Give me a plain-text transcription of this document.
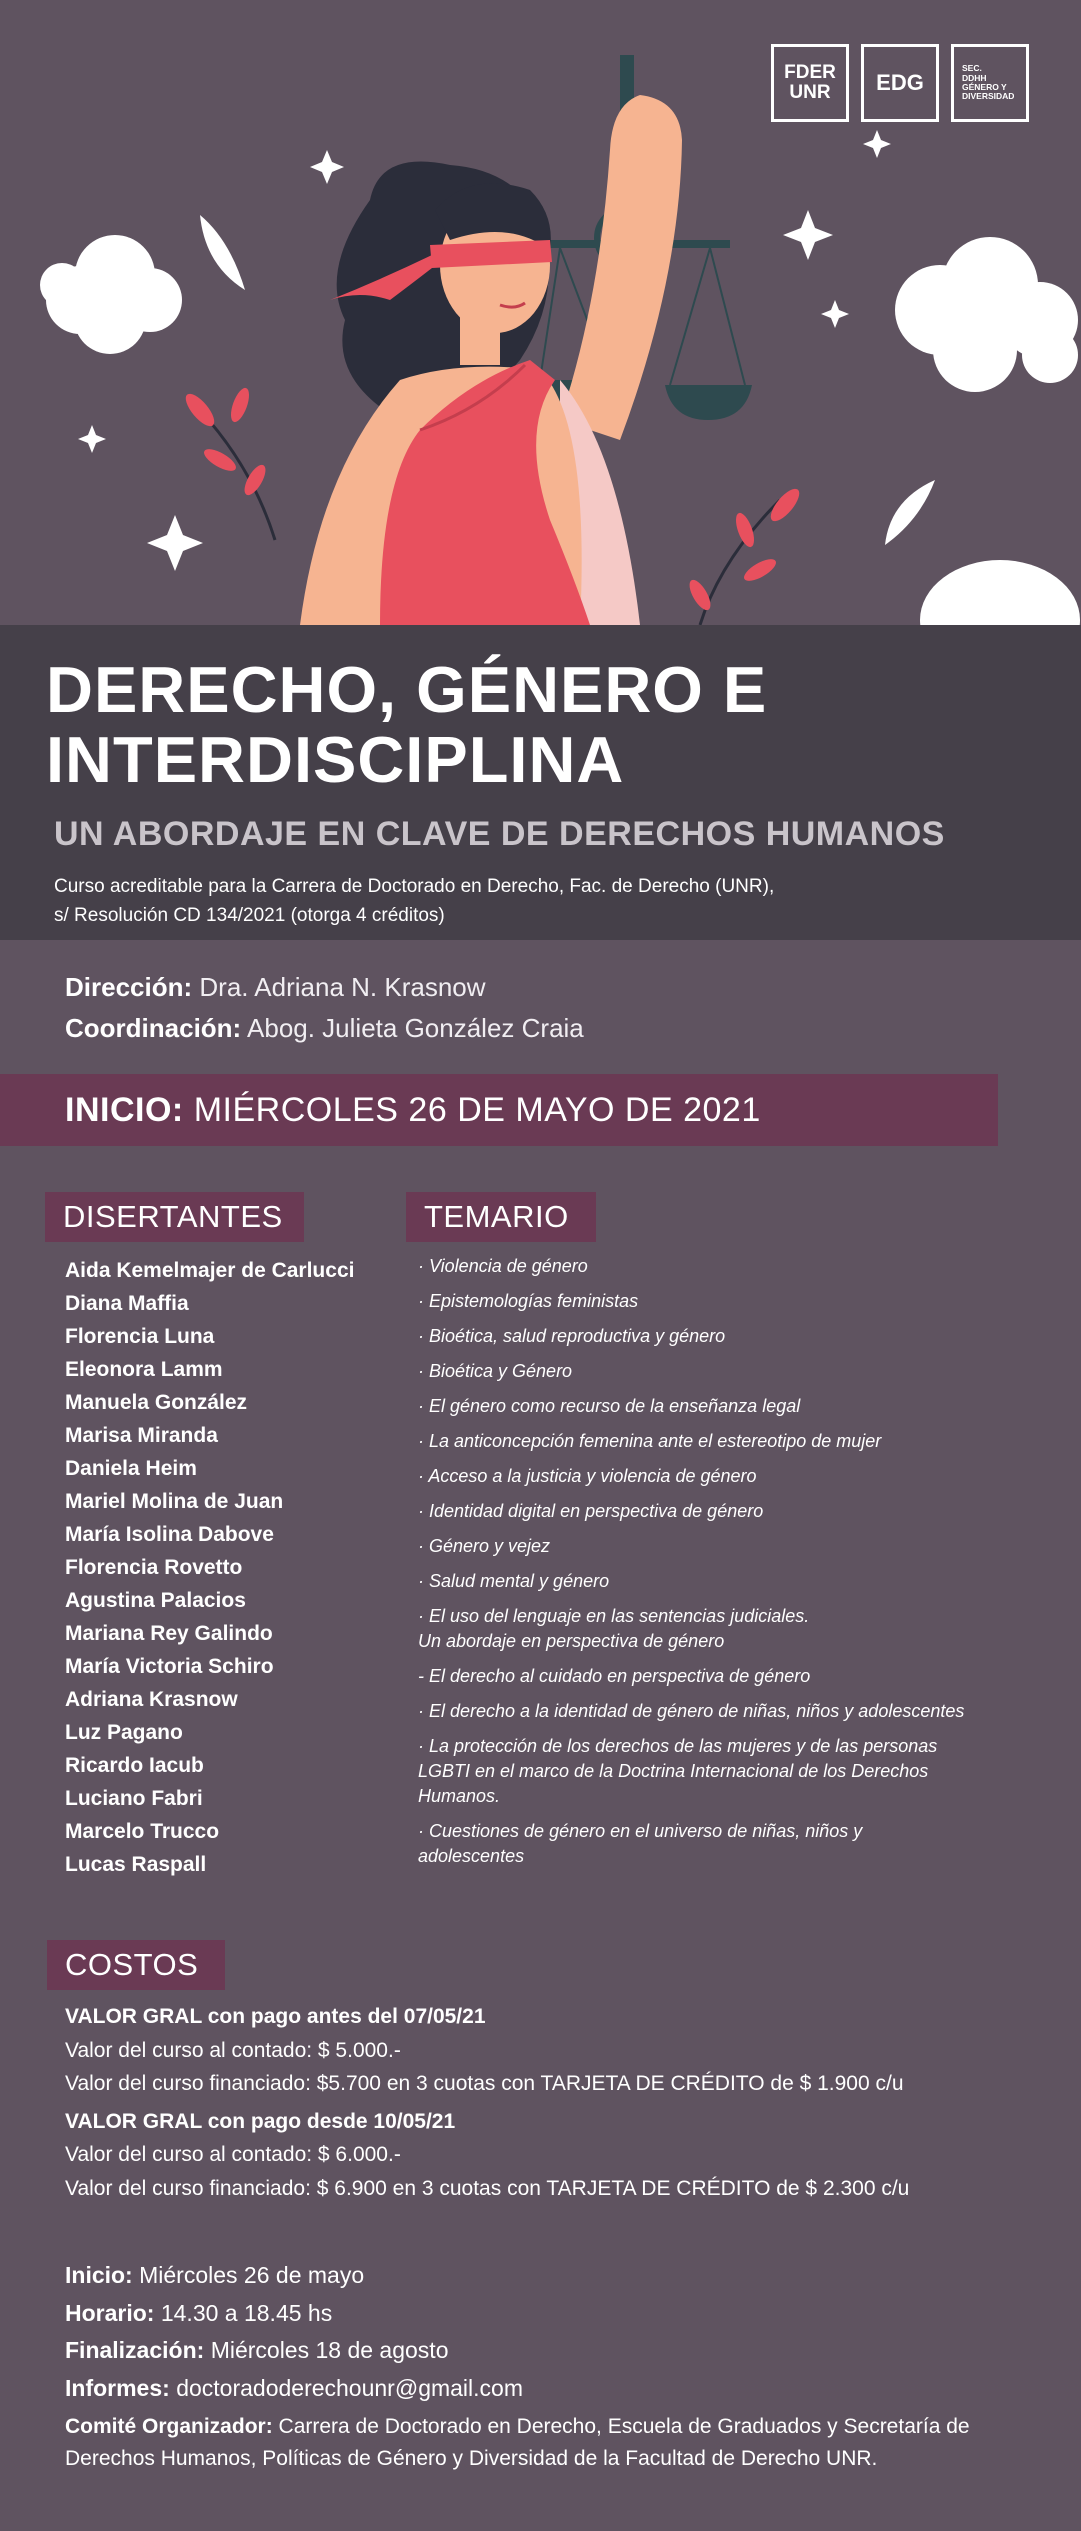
FDER
UNR EDG
SEC.
DDHH
GÉNERO Y
DIVERSIDAD
DERECHO, GÉNERO E
INTERDISCIPLINA
UN ABORDAJE EN CLAVE DE DERECHOS HUMANOS
Curso acreditable para la Carrera de Doctorado en Derecho, Fac. de Derecho (UNR),
s/ Resolución CD 134/2021 (otorga 4 créditos)
Dirección: Dra. Adriana N. Krasnow
Coordinación: Abog. Julieta González Craia
INICIO: MIÉRCOLES 26 DE MAYO DE 2021
DISERTANTES
Aida Kemelmajer de Carlucci
Diana Maffia
Florencia Luna
Eleonora Lamm
Manuela González
Marisa Miranda
Daniela Heim
Mariel Molina de Juan
María Isolina Dabove
Florencia Rovetto
Agustina Palacios
Mariana Rey Galindo
María Victoria Schiro
Adriana Krasnow
Luz Pagano
Ricardo Iacub
Luciano Fabri
Marcelo Trucco
Lucas Raspall
TEMARIO
· Violencia de género
· Epistemologías feministas
· Bioética, salud reproductiva y género
· Bioética y Género
· El género como recurso de la enseñanza legal
· La anticoncepción femenina ante el estereotipo de mujer
· Acceso a la justicia y violencia de género
· Identidad digital en perspectiva de género
· Género y vejez
· Salud mental y género
· El uso del lenguaje en las sentencias judiciales.
Un abordaje en perspectiva de género
- El derecho al cuidado en perspectiva de género
· El derecho a la identidad de género de niñas, niños y adolescentes
· La protección de los derechos de las mujeres y de las personas
LGBTI en el marco de la Doctrina Internacional de los Derechos
Humanos.
· Cuestiones de género en el universo de niñas, niños y
adolescentes
COSTOS
VALOR GRAL con pago antes del 07/05/21
Valor del curso al contado: $ 5.000.-
Valor del curso financiado: $5.700 en 3 cuotas con TARJETA DE CRÉDITO de $ 1.900 c/u
VALOR GRAL con pago desde 10/05/21
Valor del curso al contado: $ 6.000.-
Valor del curso financiado: $ 6.900 en 3 cuotas con TARJETA DE CRÉDITO de $ 2.300 c/u
Inicio: Miércoles 26 de mayo
Horario: 14.30 a 18.45 hs
Finalización: Miércoles 18 de agosto
Informes: doctoradoderechounr@gmail.com
Comité Organizador: Carrera de Doctorado en Derecho, Escuela de Graduados y Secretaría de Derechos Humanos, Políticas de Género y Diversidad de la Facultad de Derecho UNR.
